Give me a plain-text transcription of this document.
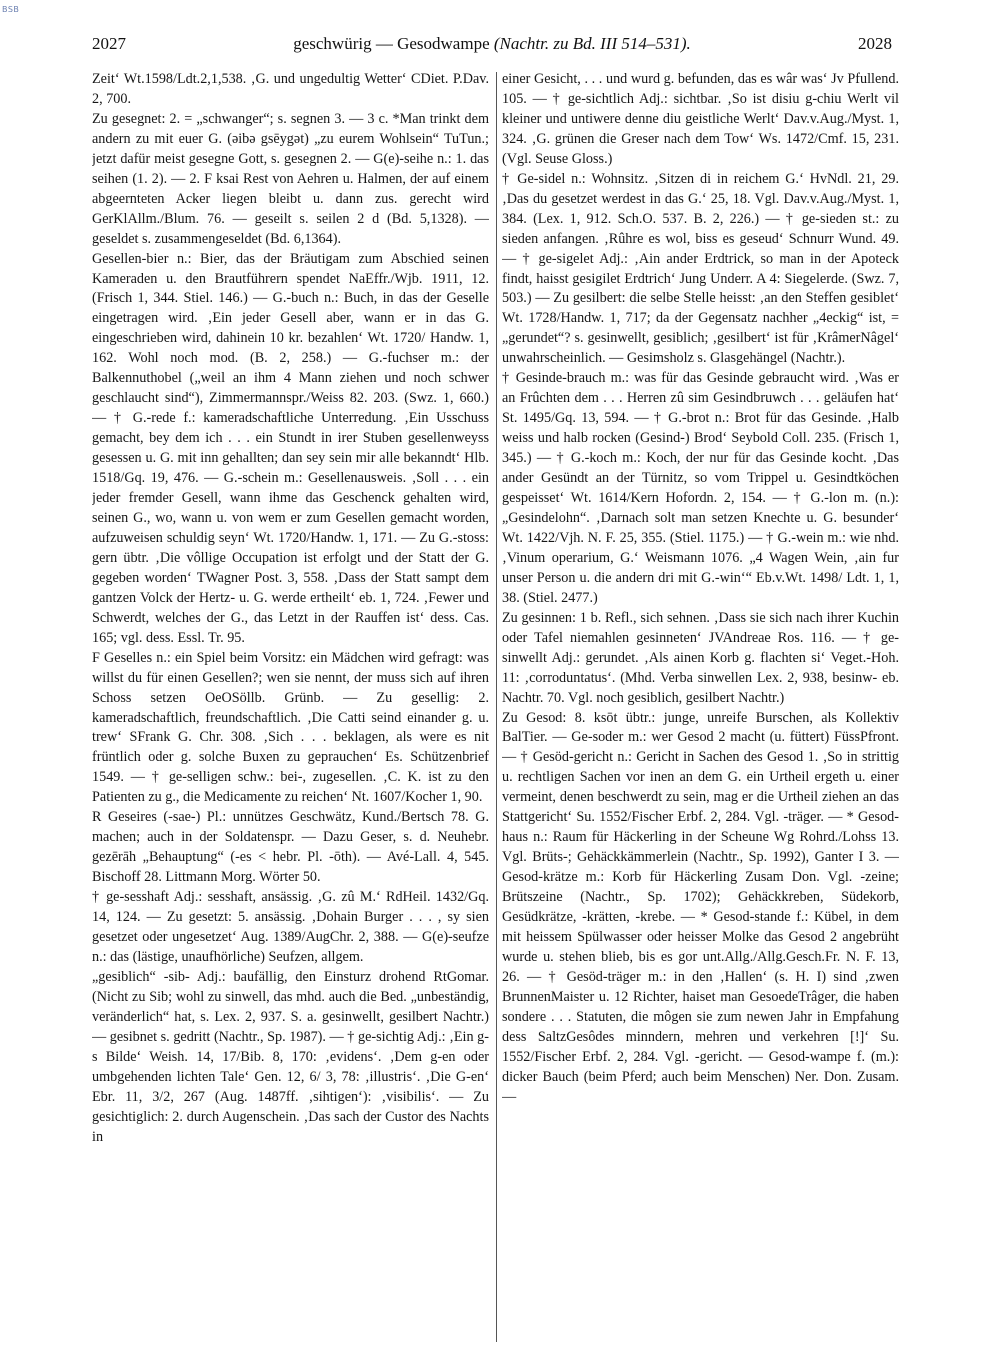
BSB
2027	geschwürig — Gesodwampe (Nachtr. zu Bd. III 514–531).	2028

Zeit‘ Wt.1598/Ldt.2,1,538. ‚G. und ungedultig Wetter‘ CDiet. P.Dav. 2, 700.

Zu gesegnet: 2. = „schwanger“; s. segnen 3. — 3 c. *Man trinkt dem andern zu mit euer G. (əibə gsēygət) „zu eurem Wohlsein“ TuTun.; jetzt dafür meist gesegne Gott, s. gesegnen 2. — G(e)-seihe n.: 1. das seihen (1. 2). — 2. F ksai Rest von Aehren u. Halmen, der auf einem abgeernteten Acker liegen bleibt u. dann zus. gerecht wird GerKlAllm./Blum. 76. — geseilt s. seilen 2 d (Bd. 5,1328). — geseldet s. zusammengeseldet (Bd. 6,1364).

Gesellen-bier n.: Bier, das der Bräutigam zum Abschied seinen Kameraden u. den Brautführern spendet NaEffr./Wjb. 1911, 12. (Frisch 1, 344. Stiel. 146.) — G.-buch n.: Buch, in das der Geselle eingetragen wird. ‚Ein jeder Gesell aber, wann er in das G. eingeschrieben wird, dahinein 10 kr. bezahlen‘ Wt. 1720/ Handw. 1, 162. Wohl noch mod. (B. 2, 258.) — G.-fuchser m.: der Balkennuthobel („weil an ihm 4 Mann ziehen und noch schwer geschlaucht sind“), Zimmermannspr./Weiss 82. 203. (Swz. 1, 660.) — † G.-rede f.: kameradschaftliche Unterredung. ‚Ein Usschuss gemacht, bey dem ich . . . ein Stundt in irer Stuben gesellenweyss gesessen u. G. mit inn gehallten; dan sey sein mir alle bekanndt‘ Hlb. 1518/Gq. 19, 476. — G.-schein m.: Gesellenausweis. ‚Soll . . . ein jeder fremder Gesell, wann ihme das Geschenck gehalten wird, seinen G., wo, wann u. von wem er zum Gesellen gemacht worden, aufzuweisen schuldig seyn‘ Wt. 1720/Handw. 1, 171. — Zu G.-stoss: gern übtr. ‚Die vôllige Occupation ist erfolgt und der Statt der G. gegeben worden‘ TWagner Post. 3, 558. ‚Dass der Statt sampt dem gantzen Volck der Hertz- u. G. werde ertheilt‘ eb. 1, 724. ‚Fewer und Schwerdt, welches der G., das Letzt in der Rauffen ist‘ dess. Cas. 165; vgl. dess. Essl. Tr. 95.

F Geselles n.: ein Spiel beim Vorsitz: ein Mädchen wird gefragt: was willst du für einen Gesellen?; wen sie nennt, der muss sich auf ihren Schoss setzen OeOSöllb. Grünb. — Zu gesellig: 2. kameradschaftlich, freundschaftlich. ‚Die Catti seind einander g. u. trew‘ SFrank G. Chr. 308. ‚Sich . . . beklagen, als were es nit früntlich oder g. solche Buxen zu geprauchen‘ Es. Schützenbrief 1549. — † ge-selligen schw.: bei-, zugesellen. ‚C. K. ist zu den Patienten zu g., die Medicamente zu reichen‘ Nt. 1607/Kocher 1, 90.

R Geseires (-sae-) Pl.: unnützes Geschwätz, Kund./Bertsch 78. G. machen; auch in der Soldatenspr. — Dazu Geser, s. d. Neuhebr. gezērāh „Behauptung“ (-es < hebr. Pl. -ōth). — Avé-Lall. 4, 545. Bischoff 28. Littmann Morg. Wörter 50.

† ge-sesshaft Adj.: sesshaft, ansässig. ‚G. zû M.‘ RdHeil. 1432/Gq. 14, 124. — Zu gesetzt: 5. ansässig. ‚Dohain Burger . . . , sy sien gesetzet oder ungesetzet‘ Aug. 1389/AugChr. 2, 388. — G(e)-seufze n.: das (lästige, unaufhörliche) Seufzen, allgem.

„gesiblich“ -sib- Adj.: baufällig, den Einsturz drohend RtGomar. (Nicht zu Sib; wohl zu sinwell, das mhd. auch die Bed. „unbeständig, veränderlich“ hat, s. Lex. 2, 937. S. a. gesinwellt, gesilbert Nachtr.) — gesibnet s. gedritt (Nachtr., Sp. 1987). — † ge-sichtig Adj.: ‚Ein g-s Bilde‘ Weish. 14, 17/Bib. 8, 170: ‚evidens‘. ‚Dem g-en oder umbgehenden lichten Tale‘ Gen. 12, 6/ 3, 78: ‚illustris‘. ‚Die G-en‘ Ebr. 11, 3/2, 267 (Aug. 1487ff. ‚sihtigen‘): ‚visibilis‘. — Zu gesichtiglich: 2. durch Augenschein. ‚Das sach der Custor des Nachts in

einer Gesicht, . . . und wurd g. befunden, das es wâr was‘ Jv Pfullend. 105. — † ge-sichtlich Adj.: sichtbar. ‚So ist disiu g-chiu Werlt vil kleiner und untiwere denne diu geistliche Werlt‘ Dav.v.Aug./Myst. 1, 324. ‚G. grünen die Greser nach dem Tow‘ Ws. 1472/Cmf. 15, 231. (Vgl. Seuse Gloss.)

† Ge-sidel n.: Wohnsitz. ‚Sitzen di in reichem G.‘ HvNdl. 21, 29. ‚Das du gesetzet werdest in das G.‘ 25, 18. Vgl. Dav.v.Aug./Myst. 1, 384. (Lex. 1, 912. Sch.O. 537. B. 2, 226.) — † ge-sieden st.: zu sieden anfangen. ‚Rûhre es wol, biss es geseud‘ Schnurr Wund. 49. — † ge-sigelet Adj.: ‚Ain ander Erdtrick, so man in der Apoteck findt, haisst gesigilet Erdtrich‘ Jung Underr. A 4: Siegelerde. (Swz. 7, 503.) — Zu gesilbert: die selbe Stelle heisst: ‚an den Steffen gesiblet‘ Wt. 1728/Handw. 1, 717; da der Gegensatz nachher „4eckig“ ist, = „gerundet“? s. gesinwellt, gesiblich; ‚gesilbert‘ ist für ‚KrâmerNâgel‘ unwahrscheinlich. — Gesimsholz s. Glasgehängel (Nachtr.).

† Gesinde-brauch m.: was für das Gesinde gebraucht wird. ‚Was er an Frûchten dem . . . Herren zû sim Gesindbruwch . . . geläufen hat‘ St. 1495/Gq. 13, 594. — † G.-brot n.: Brot für das Gesinde. ‚Halb weiss und halb rocken (Gesind-) Brod‘ Seybold Coll. 235. (Frisch 1, 345.) — † G.-koch m.: Koch, der nur für das Gesinde kocht. ‚Das ander Gesündt an der Türnitz, so vom Trippel u. Gesindtköchen gespeisset‘ Wt. 1614/Kern Hofordn. 2, 154. — † G.-lon m. (n.): „Gesindelohn“. ‚Darnach solt man setzen Knechte u. G. besunder‘ Wt. 1422/Vjh. N. F. 25, 355. (Stiel. 1175.) — † G.-wein m.: wie nhd. ‚Vinum operarium, G.‘ Weismann 1076. „4 Wagen Wein, ‚ain fur unser Person u. die andern dri mit G.-win‘“ Eb.v.Wt. 1498/ Ldt. 1, 1, 38. (Stiel. 2477.)

Zu gesinnen: 1 b. Refl., sich sehnen. ‚Dass sie sich nach ihrer Kuchin oder Tafel niemahlen gesinneten‘ JVAndreae Ros. 116. — † ge-sinwellt Adj.: gerundet. ‚Als ainen Korb g. flachten si‘ Veget.-Hoh. 11: ‚corroduntatus‘. (Mhd. Verba sinwellen Lex. 2, 938, besinw- eb. Nachtr. 70. Vgl. noch gesiblich, gesilbert Nachtr.)

Zu Gesod: 8. ksōt übtr.: junge, unreife Burschen, als Kollektiv BalTier. — Ge-soder m.: wer Gesod 2 macht (u. füttert) FüssPfront. — † Gesöd-gericht n.: Gericht in Sachen des Gesod 1. ‚So in strittig u. rechtligen Sachen vor inen an dem G. ein Urtheil ergeth u. einer vermeint, denen beschwerdt zu sein, mag er die Urtheil ziehen an das Stattgericht‘ Su. 1552/Fischer Erbf. 2, 284. Vgl. -träger. — * Gesod-haus n.: Raum für Häckerling in der Scheune Wg Rohrd./Lohss 13. Vgl. Brüts-; Gehäckkämmerlein (Nachtr., Sp. 1992), Ganter I 3. — Gesod-krätze m.: Korb für Häckerling Zusam Don. Vgl. -zeine; Brütszeine (Nachtr., Sp. 1702); Gehäckkreben, Südekorb, Gesüdkrätze, -krätten, -krebe. — * Gesod-stande f.: Kübel, in dem mit heissem Spülwasser oder heisser Molke das Gesod 2 angebrüht wurde u. stehen blieb, bis es gor unt.Allg./Allg.Gesch.Fr. N. F. 13, 26. — † Gesöd-träger m.: in den ‚Hallen‘ (s. H. I) sind ‚zwen BrunnenMaister u. 12 Richter, haiset man GesoedeTrâger, die haben sondere . . . Statuten, die môgen sie zum newen Jahr in Empfahung dess SaltzGesôdes minndern, mehren und verkehren [!]‘ Su. 1552/Fischer Erbf. 2, 284. Vgl. -gericht. — Gesod-wampe f. (m.): dicker Bauch (beim Pferd; auch beim Menschen) Ner. Don. Zusam. —
